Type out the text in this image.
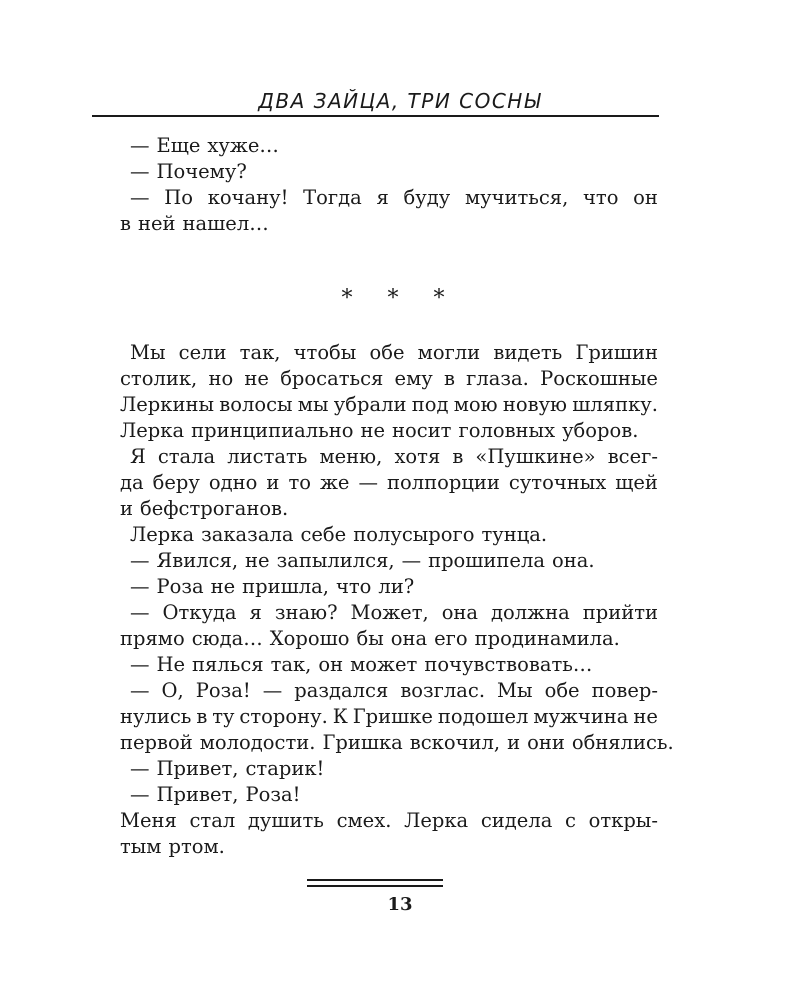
ДВА ЗАЙЦА, ТРИ СОСНЫ
— Еще хуже…
— Почему?
— По кочану! Тогда я буду мучиться, что он
в ней нашел…
* * *
Мы сели так, чтобы обе могли видеть Гришин
столик, но не бросаться ему в глаза. Роскошные
Леркины волосы мы убрали под мою новую шляпку.
Лерка принципиально не носит головных уборов.
Я стала листать меню, хотя в «Пушкине» всег-
да беру одно и то же — полпорции суточных щей
и бефстроганов.
Лерка заказала себе полусырого тунца.
— Явился, не запылился, — прошипела она.
— Роза не пришла, что ли?
— Откуда я знаю? Может, она должна прийти
прямо сюда… Хорошо бы она его продинамила.
— Не пялься так, он может почувствовать…
— О, Роза! — раздался возглас. Мы обе повер-
нулись в ту сторону. К Гришке подошел мужчина не
первой молодости. Гришка вскочил, и они обнялись.
— Привет, старик!
— Привет, Роза!
Меня стал душить смех. Лерка сидела с откры-
тым ртом.
13
